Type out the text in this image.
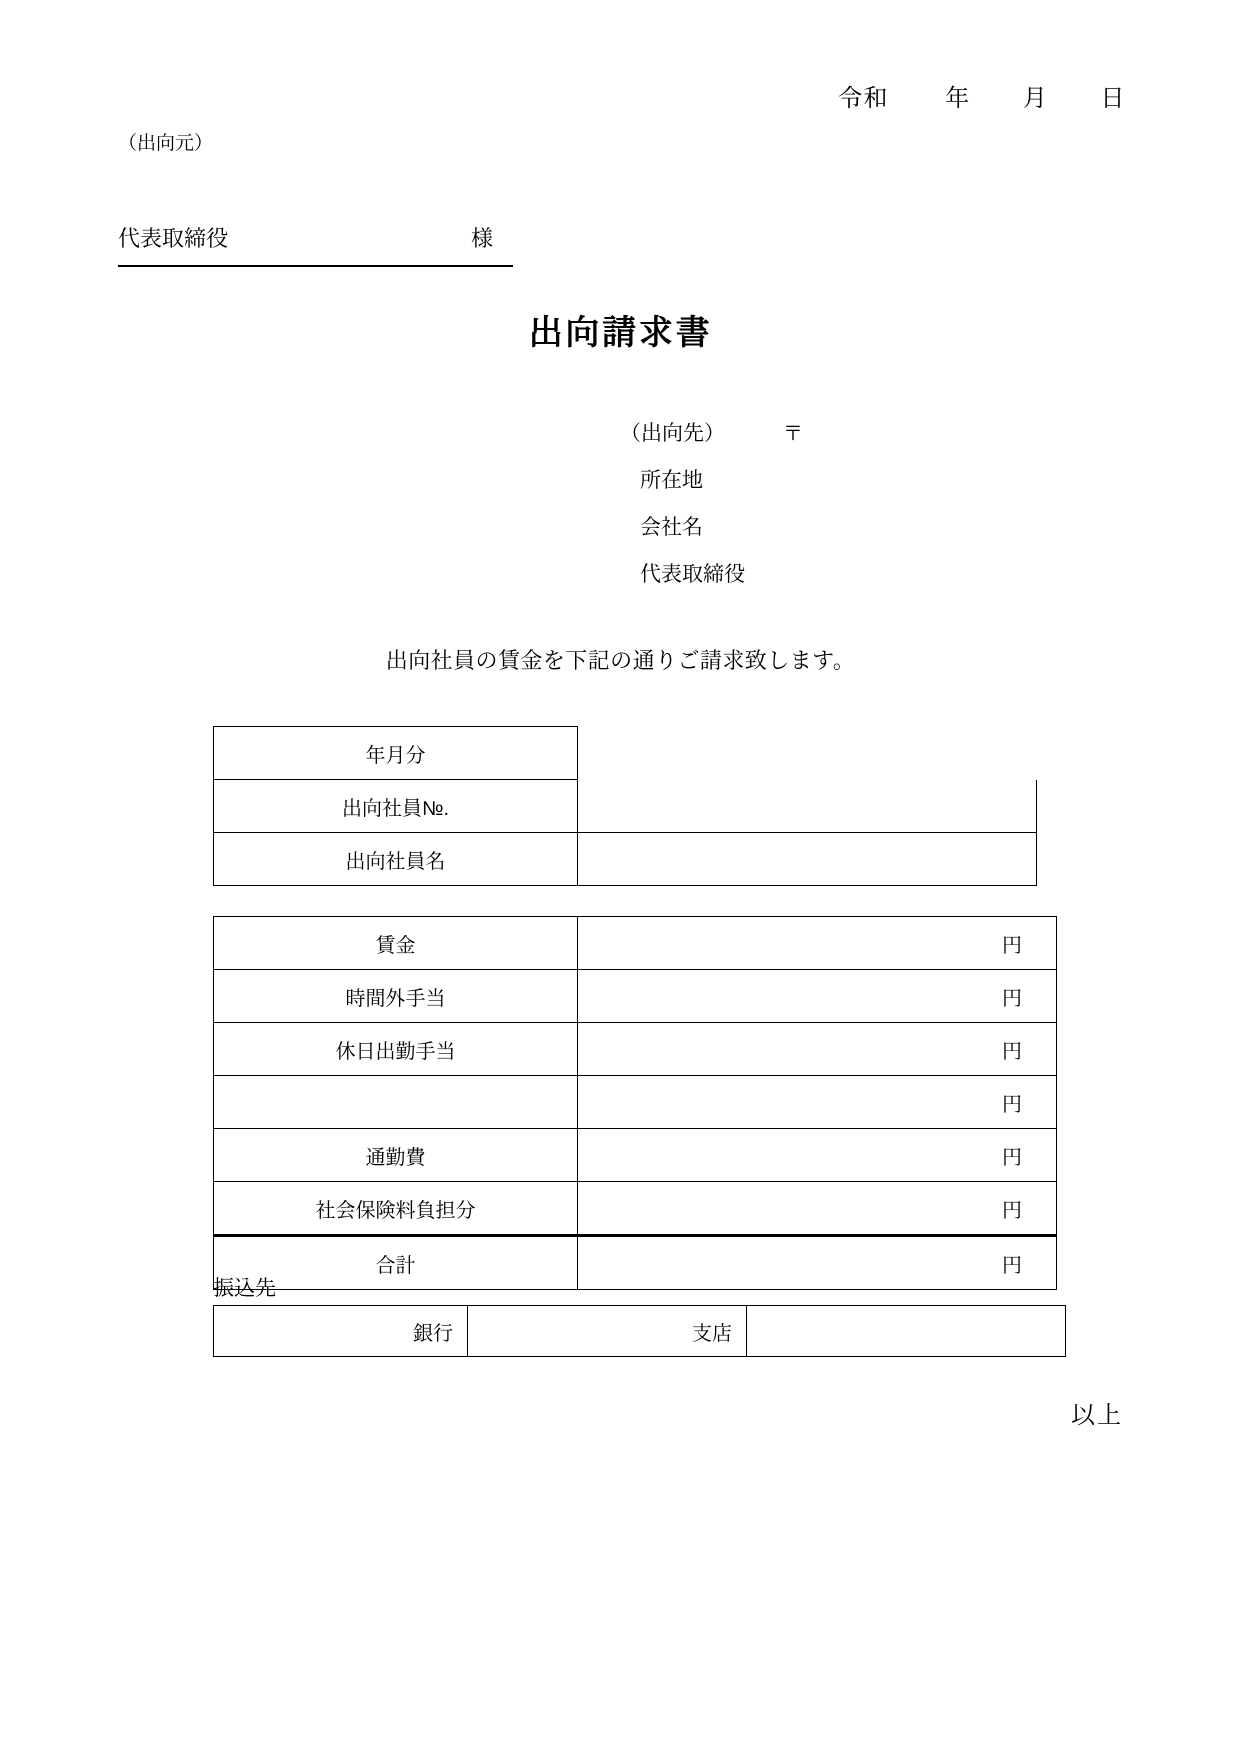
令和 年 月 日
（出向元）
代表取締役	様
出向請求書
（出向先）	〒
所在地
会社名
代表取締役
出向社員の賃金を下記の通りご請求致します。
年月分	
出向社員№.	
出向社員名	
賃金	円
時間外手当	円
休日出勤手当	円
	円
通勤費	円
社会保険料負担分	円
合計	円
振込先
銀行	支店	
以上
